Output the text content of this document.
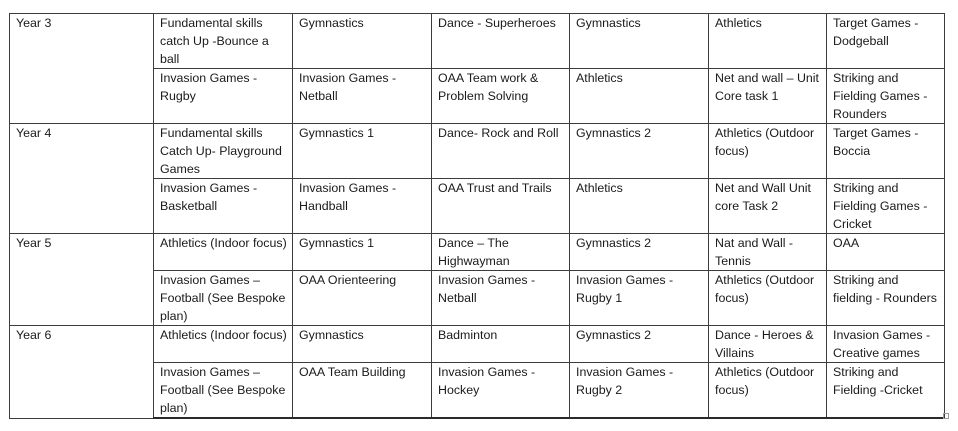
Year 3	Fundamental skills catch Up -Bounce a ball	Gymnastics	Dance - Superheroes	Gymnastics	Athletics	Target Games - Dodgeball
	Invasion Games - Rugby	Invasion Games - Netball	OAA Team work & Problem Solving	Athletics	Net and wall – Unit Core task 1	Striking and Fielding Games - Rounders
Year 4	Fundamental skills Catch Up- Playground Games	Gymnastics 1	Dance- Rock and Roll	Gymnastics 2	Athletics (Outdoor focus)	Target Games - Boccia
	Invasion Games - Basketball	Invasion Games - Handball	OAA Trust and Trails	Athletics	Net and Wall Unit core Task 2	Striking and Fielding Games - Cricket
Year 5	Athletics (Indoor focus)	Gymnastics 1	Dance – The Highwayman	Gymnastics 2	Nat and Wall - Tennis	OAA
	Invasion Games – Football (See Bespoke plan)	OAA Orienteering	Invasion Games - Netball	Invasion Games - Rugby 1	Athletics (Outdoor focus)	Striking and fielding - Rounders
Year 6	Athletics (Indoor focus)	Gymnastics	Badminton	Gymnastics 2	Dance - Heroes & Villains	Invasion Games - Creative games
	Invasion Games – Football (See Bespoke plan)	OAA Team Building	Invasion Games - Hockey	Invasion Games - Rugby 2	Athletics (Outdoor focus)	Striking and Fielding -Cricket
